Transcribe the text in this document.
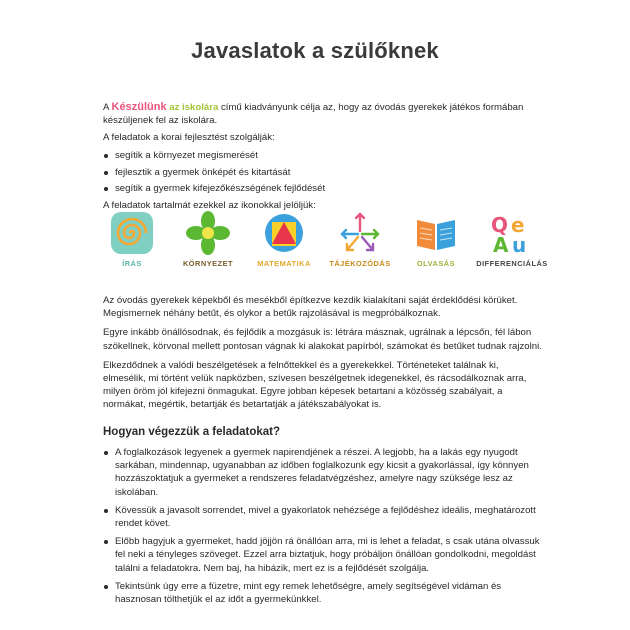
Javaslatok a szülőknek
A Készülünk az iskolára című kiadványunk célja az, hogy az óvodás gyerekek játékos formában készüljenek fel az iskolára.

A feladatok a korai fejlesztést szolgálják:

segítik a környezet megismerését
fejlesztik a gyermek önképét és kitartását
segítik a gyermek kifejezőkészségének fejlődését

A feladatok tartalmát ezekkel az ikonokkal jelöljük:

ÍRÁS	KÖRNYEZET	MATEMATIKA	TÁJÉKOZÓDÁS	OLVASÁS
Q e
A u
DIFFERENCIÁLÁS

Az óvodás gyerekek képekből és mesékből építkezve kezdik kialakítani saját érdeklődési körüket. Megismernek néhány betűt, és olykor a betűk rajzolásával is megpróbálkoznak.

Egyre inkább önállósodnak, és fejlődik a mozgásuk is: létrára másznak, ugrálnak a lépcsőn, fél lábon szökellnek, körvonal mellett pontosan vágnak ki alakokat papírból, számokat és betűket tudnak rajzolni.

Elkezdődnek a valódi beszélgetések a felnőttekkel és a gyerekekkel. Történeteket találnak ki, elmesélik, mi történt velük napközben, szívesen beszélgetnek idegenekkel, és rácsodálkoznak arra, milyen öröm jól kifejezni önmagukat. Egyre jobban képesek betartani a közösség szabályait, a normákat, megértik, betartják és betartatják a játékszabályokat is.

Hogyan végezzük a feladatokat?
A foglalkozások legyenek a gyermek napirendjének a részei. A legjobb, ha a lakás egy nyugodt sarkában, mindennap, ugyanabban az időben foglalkozunk egy kicsit a gyakorlással, így könnyen hozzászoktatjuk a gyermeket a rendszeres feladatvégzéshez, amelyre nagy szüksége lesz az iskolában.
Kövessük a javasolt sorrendet, mivel a gyakorlatok nehézsége a fejlődéshez ideális, meghatározott rendet követ.
Előbb hagyjuk a gyermeket, hadd jöjjön rá önállóan arra, mi is lehet a feladat, s csak utána olvassuk fel neki a tényleges szöveget. Ezzel arra biztatjuk, hogy próbáljon önállóan gondolkodni, megoldást találni a feladatokra. Nem baj, ha hibázik, mert ez is a fejlődését szolgálja.
Tekintsünk úgy erre a füzetre, mint egy remek lehetőségre, amely segítségével vidáman és hasznosan tölthetjük el az időt a gyermekünkkel.
